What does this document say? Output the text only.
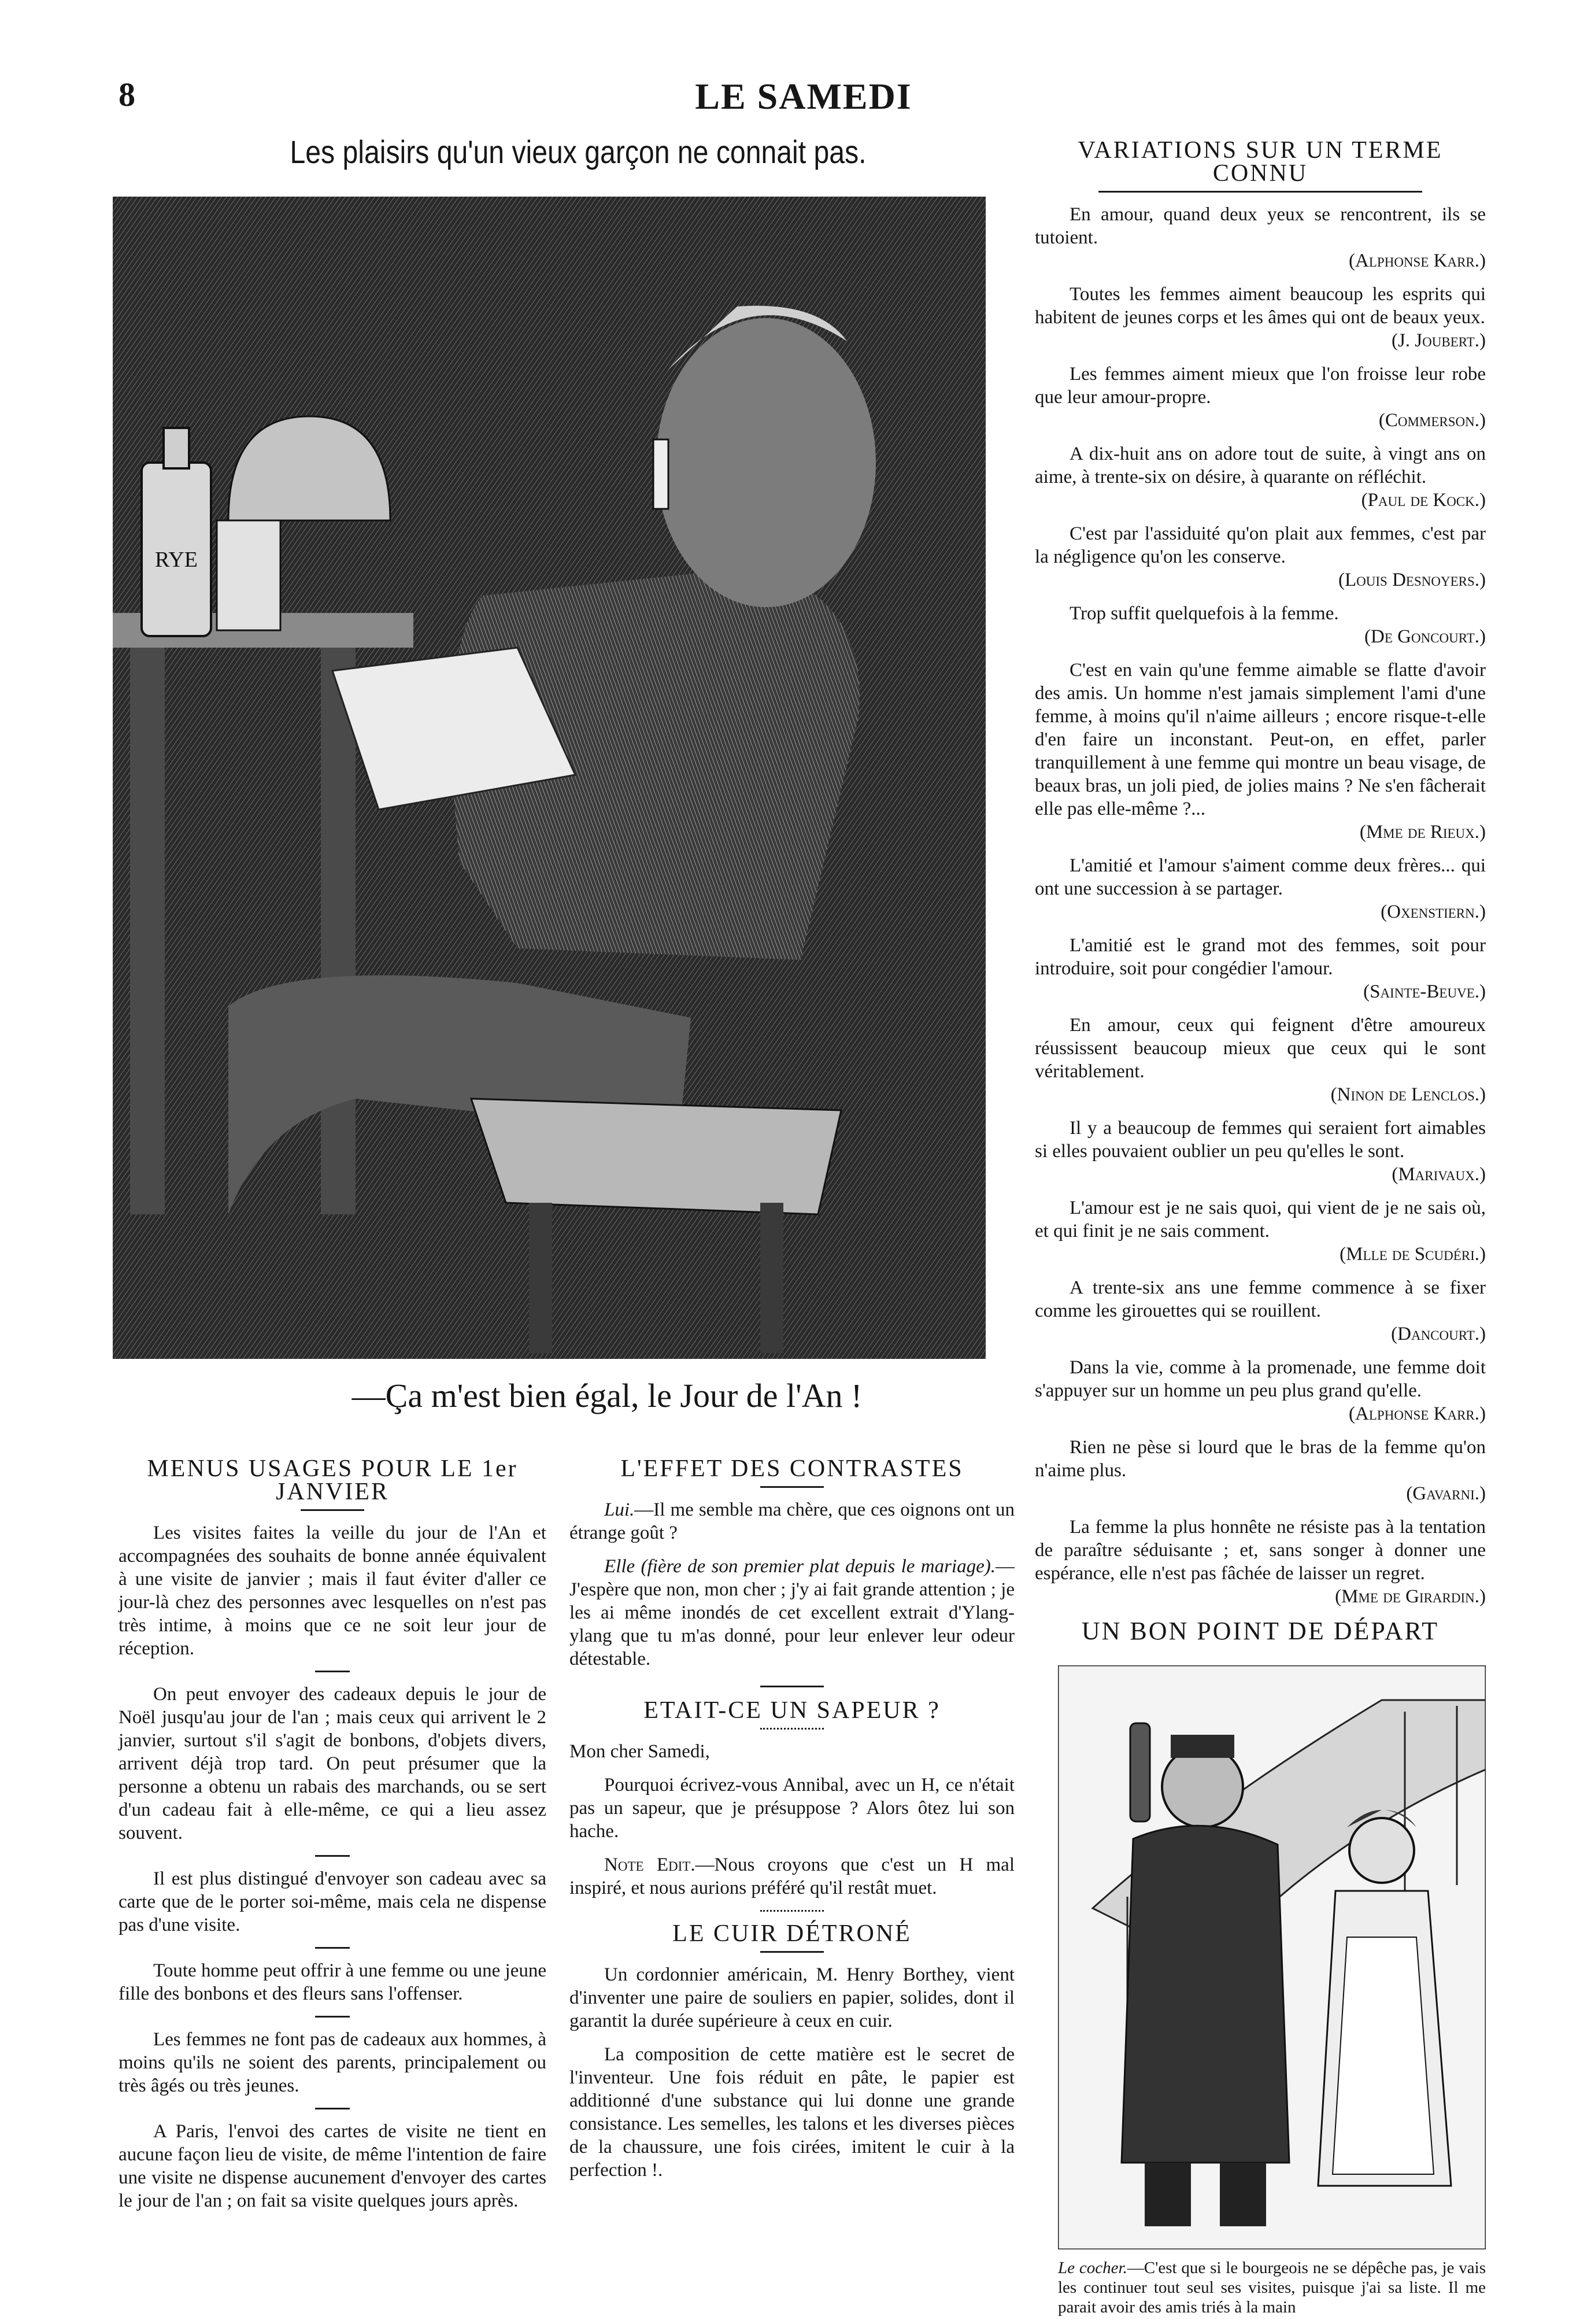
8	LE SAMEDI
Les plaisirs qu'un vieux garçon ne connait pas.
RYE
—Ça m'est bien égal, le Jour de l'An !
VARIATIONS SUR UN TERME CONNU

En amour, quand deux yeux se rencontrent, ils se tutoient.
(Alphonse Karr.)

Toutes les femmes aiment beaucoup les esprits qui habitent de jeunes corps et les âmes qui ont de beaux yeux.
(J. Joubert.)

Les femmes aiment mieux que l'on froisse leur robe que leur amour-propre.
(Commerson.)

A dix-huit ans on adore tout de suite, à vingt ans on aime, à trente-six on désire, à quarante on réfléchit.
(Paul de Kock.)

C'est par l'assiduité qu'on plait aux femmes, c'est par la négligence qu'on les conserve.
(Louis Desnoyers.)

Trop suffit quelquefois à la femme.
(De Goncourt.)

C'est en vain qu'une femme aimable se flatte d'avoir des amis. Un homme n'est jamais simplement l'ami d'une femme, à moins qu'il n'aime ailleurs ; encore risque-t-elle d'en faire un inconstant. Peut-on, en effet, parler tranquillement à une femme qui montre un beau visage, de beaux bras, un joli pied, de jolies mains ? Ne s'en fâcherait elle pas elle-même ?...
(Mme de Rieux.)

L'amitié et l'amour s'aiment comme deux frères... qui ont une succession à se partager.
(Oxenstiern.)

L'amitié est le grand mot des femmes, soit pour introduire, soit pour congédier l'amour.
(Sainte-Beuve.)

En amour, ceux qui feignent d'être amoureux réussissent beaucoup mieux que ceux qui le sont véritablement.
(Ninon de Lenclos.)

Il y a beaucoup de femmes qui seraient fort aimables si elles pouvaient oublier un peu qu'elles le sont.
(Marivaux.)

L'amour est je ne sais quoi, qui vient de je ne sais où, et qui finit je ne sais comment.
(Mlle de Scudéri.)

A trente-six ans une femme commence à se fixer comme les girouettes qui se rouillent.
(Dancourt.)

Dans la vie, comme à la promenade, une femme doit s'appuyer sur un homme un peu plus grand qu'elle.
(Alphonse Karr.)

Rien ne pèse si lourd que le bras de la femme qu'on n'aime plus.
(Gavarni.)

La femme la plus honnête ne résiste pas à la tentation de paraître séduisante ; et, sans songer à donner une espérance, elle n'est pas fâchée de laisser un regret.
(Mme de Girardin.)

MENUS USAGES POUR LE 1er JANVIER

Les visites faites la veille du jour de l'An et accompagnées des souhaits de bonne année équivalent à une visite de janvier ; mais il faut éviter d'aller ce jour-là chez des personnes avec lesquelles on n'est pas très intime, à moins que ce ne soit leur jour de réception.

On peut envoyer des cadeaux depuis le jour de Noël jusqu'au jour de l'an ; mais ceux qui arrivent le 2 janvier, surtout s'il s'agit de bonbons, d'objets divers, arrivent déjà trop tard. On peut présumer que la personne a obtenu un rabais des marchands, ou se sert d'un cadeau fait à elle-même, ce qui a lieu assez souvent.

Il est plus distingué d'envoyer son cadeau avec sa carte que de le porter soi-même, mais cela ne dispense pas d'une visite.

Toute homme peut offrir à une femme ou une jeune fille des bonbons et des fleurs sans l'offenser.

Les femmes ne font pas de cadeaux aux hommes, à moins qu'ils ne soient des parents, principalement ou très âgés ou très jeunes.

A Paris, l'envoi des cartes de visite ne tient en aucune façon lieu de visite, de même l'intention de faire une visite ne dispense aucunement d'envoyer des cartes le jour de l'an ; on fait sa visite quelques jours après.

L'EFFET DES CONTRASTES

Lui.—Il me semble ma chère, que ces oignons ont un étrange goût ?

Elle (fière de son premier plat depuis le mariage).—J'espère que non, mon cher ; j'y ai fait grande attention ; je les ai même inondés de cet excellent extrait d'Ylang-ylang que tu m'as donné, pour leur enlever leur odeur détestable.

ETAIT-CE UN SAPEUR ?

Mon cher Samedi,

Pourquoi écrivez-vous Annibal, avec un H, ce n'était pas un sapeur, que je présuppose ? Alors ôtez lui son hache.

Note Edit.—Nous croyons que c'est un H mal inspiré, et nous aurions préféré qu'il restât muet.

LE CUIR DÉTRONÉ

Un cordonnier américain, M. Henry Borthey, vient d'inventer une paire de souliers en papier, solides, dont il garantit la durée supérieure à ceux en cuir.

La composition de cette matière est le secret de l'inventeur. Une fois réduit en pâte, le papier est additionné d'une substance qui lui donne une grande consistance. Les semelles, les talons et les diverses pièces de la chaussure, une fois cirées, imitent le cuir à la perfection !.

UN BON POINT DE DÉPART
Le cocher.—C'est que si le bourgeois ne se dépêche pas, je vais les continuer tout seul ses visites, puisque j'ai sa liste. Il me parait avoir des amis triés à la main
